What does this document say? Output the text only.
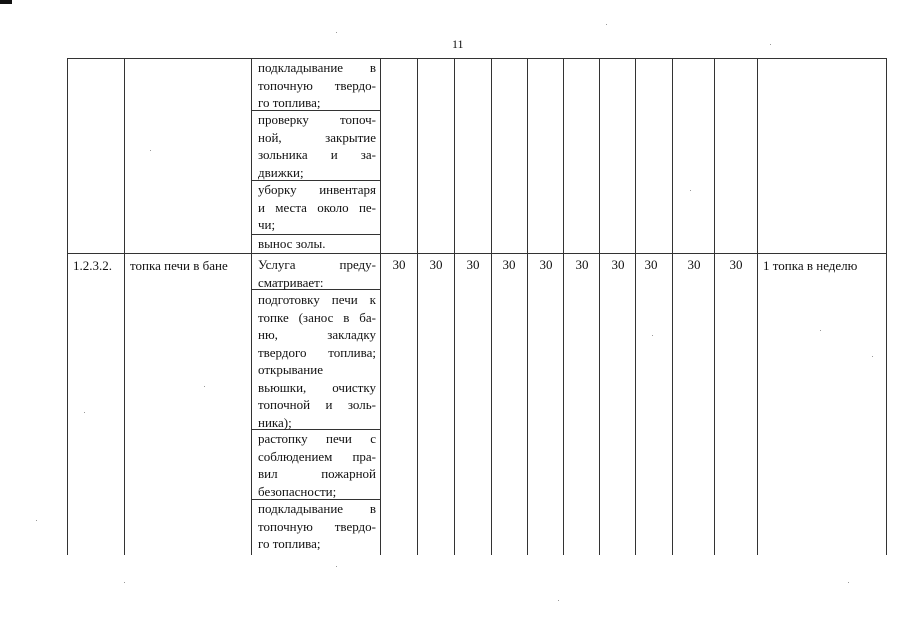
11
подкладывание в
топочную твердо-
го топлива;
проверку топоч-
ной, закрытие
зольника и за-
движки;
уборку инвентаря
и места около пе-
чи;
вынос золы.
1.2.3.2.	топка печи в бане	Услуга преду-
сматривает:
подготовку печи к
топке (занос в ба-
ню, закладку
твердого топлива;
открывание
вьюшки, очистку
топочной и золь-
ника);
растопку печи с
соблюдением пра-
вил пожарной
безопасности;
подкладывание в
топочную твердо-
го топлива;
30	30	30	30	30	30	30	30	30	30	1 топка в неделю
